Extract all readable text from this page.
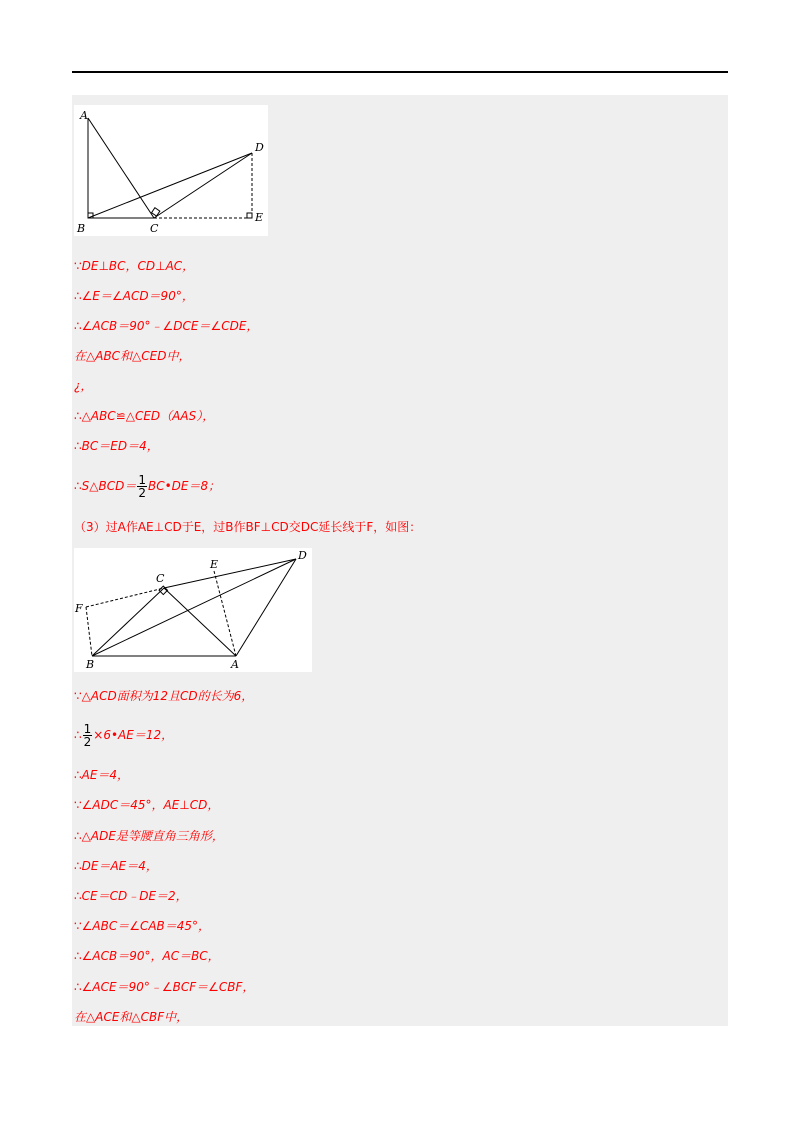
A
B	C
D
E
∵DE⊥BC，CD⊥AC，
∴∠E＝∠ACD＝90°，
∴∠ACB＝90°﹣∠DCE＝∠CDE，
在△ABC和△CED中，
¿，
∴△ABC≌△CED（AAS），
∴BC＝ED＝4，
∴S△BCD＝ $\frac{1}{2}$ BC•DE＝8；
（3）过A作AE⊥CD于E，过B作BF⊥CD交DC延长线于F，如图：
C
E
D
F
B	A
∵△ACD面积为12且CD的长为6，
∴ $\frac{1}{2}$ ×6•AE＝12，
∴AE＝4，
∵∠ADC＝45°，AE⊥CD，
∴△ADE是等腰直角三角形，
∴DE＝AE＝4，
∴CE＝CD﹣DE＝2，
∵∠ABC＝∠CAB＝45°，
∴∠ACB＝90°，AC＝BC，
∴∠ACE＝90°﹣∠BCF＝∠CBF，
在△ACE和△CBF中，
